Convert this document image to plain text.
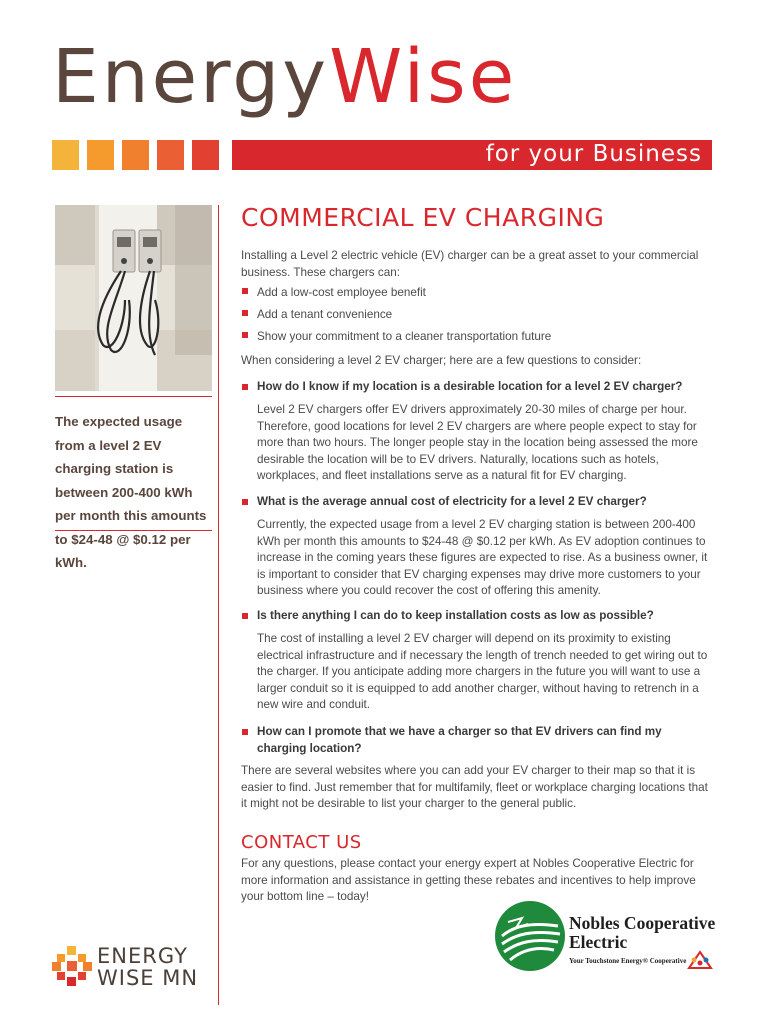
EnergyWise
for your Business
The expected usage from a level 2 EV charging station is between 200-400 kWh per month this amounts to $24-48 @ $0.12 per kWh.
ENERGY
WISE MN
COMMERCIAL EV CHARGING
Installing a Level 2 electric vehicle (EV) charger can be a great asset to your commercial business. These chargers can:
Add a low-cost employee benefit
Add a tenant convenience
Show your commitment to a cleaner transportation future
When considering a level 2 EV charger; here are a few questions to consider:
How do I know if my location is a desirable location for a level 2 EV charger?
Level 2 EV chargers offer EV drivers approximately 20-30 miles of charge per hour. Therefore, good locations for level 2 EV chargers are where people expect to stay for more than two hours. The longer people stay in the location being assessed the more desirable the location will be to EV drivers. Naturally, locations such as hotels, workplaces, and fleet installations serve as a natural fit for EV charging.
What is the average annual cost of electricity for a level 2 EV charger?
Currently, the expected usage from a level 2 EV charging station is between 200-400 kWh per month this amounts to $24-48 @ $0.12 per kWh. As EV adoption continues to increase in the coming years these figures are expected to rise. As a business owner, it is important to consider that EV charging expenses may drive more customers to your business where you could recover the cost of offering this amenity.
Is there anything I can do to keep installation costs as low as possible?
The cost of installing a level 2 EV charger will depend on its proximity to existing electrical infrastructure and if necessary the length of trench needed to get wiring out to the charger. If you anticipate adding more chargers in the future you will want to use a larger conduit so it is equipped to add another charger, without having to retrench in a new wire and conduit.
How can I promote that we have a charger so that EV drivers can find my charging location?
There are several websites where you can add your EV charger to their map so that it is easier to find. Just remember that for multifamily, fleet or workplace charging locations that it might not be desirable to list your charger to the general public.
CONTACT US
For any questions, please contact your energy expert at Nobles Cooperative Electric for more information and assistance in getting these rebates and incentives to help improve your bottom line – today!
Nobles Cooperative
Electric
Your Touchstone Energy® Cooperative
